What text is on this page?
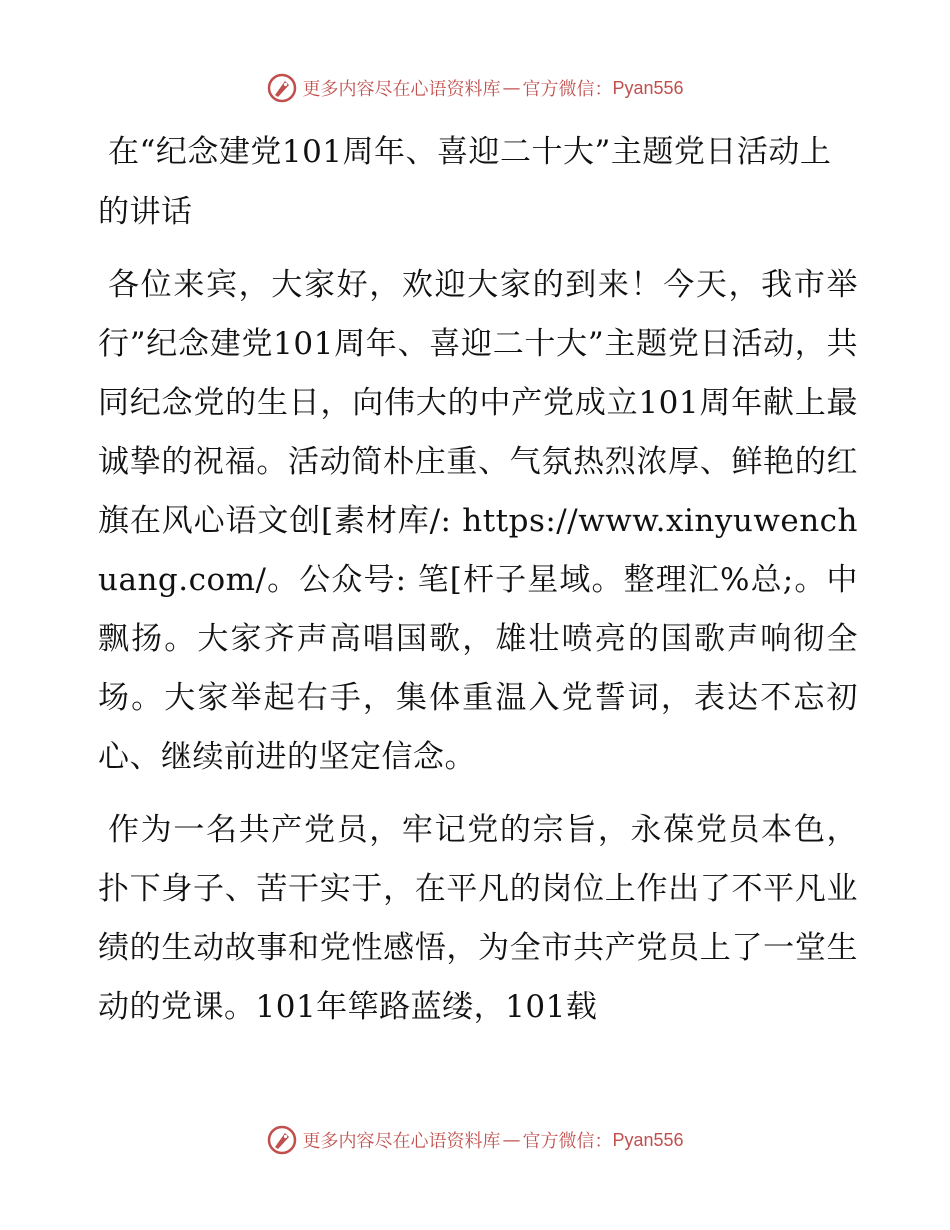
更多内容尽在心语资料库 — 官方微信： Pyan556
在“纪念建党101周年、喜迎二十大”主题党日活动上的讲话

各位来宾，大家好，欢迎大家的到来！今天，我市举行”纪念建党101周年、喜迎二十大”主题党日活动，共同纪念党的生日，向伟大的中产党成立101周年献上最诚挚的祝福。活动简朴庄重、气氛热烈浓厚、鲜艳的红旗在风心语文创[素材库/: https://www.xinyuwenchuang.com/。公众号: 笔[杆子星域。整理汇%总;。中飘扬。大家齐声高唱国歌，雄壮喷亮的国歌声响彻全场。大家举起右手，集体重温入党誓词，表达不忘初心、继续前进的坚定信念。

作为一名共产党员，牢记党的宗旨，永葆党员本色，扑下身子、苦干实于，在平凡的岗位上作出了不平凡业绩的生动故事和党性感悟，为全市共产党员上了一堂生动的党课。101年筚路蓝缕，101载

更多内容尽在心语资料库 — 官方微信： Pyan556
